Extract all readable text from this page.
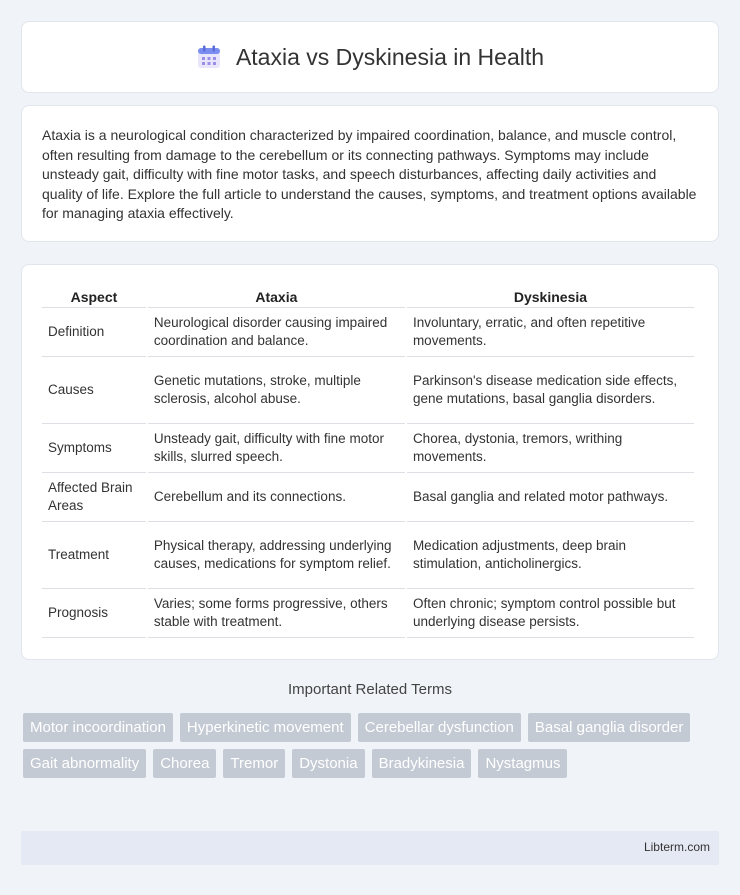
Ataxia vs Dyskinesia in Health

Ataxia is a neurological condition characterized by impaired coordination, balance, and muscle control, often resulting from damage to the cerebellum or its connecting pathways. Symptoms may include unsteady gait, difficulty with fine motor tasks, and speech disturbances, affecting daily activities and quality of life. Explore the full article to understand the causes, symptoms, and treatment options available for managing ataxia effectively.

Aspect	Ataxia	Dyskinesia
Definition	Neurological disorder causing impaired coordination and balance.	Involuntary, erratic, and often repetitive movements.
Causes	Genetic mutations, stroke, multiple sclerosis, alcohol abuse.	Parkinson's disease medication side effects, gene mutations, basal ganglia disorders.
Symptoms	Unsteady gait, difficulty with fine motor skills, slurred speech.	Chorea, dystonia, tremors, writhing movements.
Affected Brain Areas	Cerebellum and its connections.	Basal ganglia and related motor pathways.
Treatment	Physical therapy, addressing underlying causes, medications for symptom relief.	Medication adjustments, deep brain stimulation, anticholinergics.
Prognosis	Varies; some forms progressive, others stable with treatment.	Often chronic; symptom control possible but underlying disease persists.
Important Related Terms
Motor incoordination	Hyperkinetic movement	Cerebellar dysfunction	Basal ganglia disorder
Gait abnormality	Chorea	Tremor	Dystonia	Bradykinesia	Nystagmus
Libterm.com
